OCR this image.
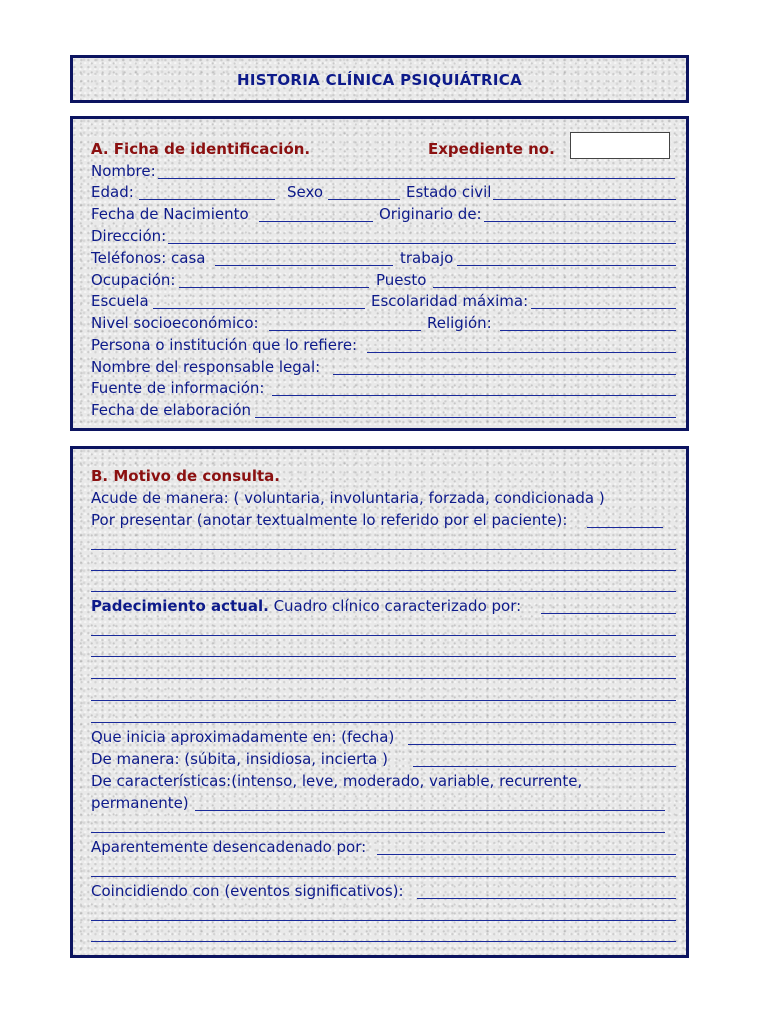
HISTORIA CLÍNICA PSIQUIÁTRICA
A. Ficha de identificación.	Expediente no.
Nombre:
Edad:	Sexo	Estado civil
Fecha de Nacimiento	Originario de:
Dirección:
Teléfonos: casa	trabajo
Ocupación:	Puesto
Escuela	Escolaridad máxima:
Nivel socioeconómico:	Religión:
Persona o institución que lo refiere:
Nombre del responsable legal:
Fuente de información:
Fecha de elaboración
B. Motivo de consulta.
Acude de manera: ( voluntaria, involuntaria, forzada, condicionada )
Por presentar (anotar textualmente lo referido por el paciente):
Padecimiento actual. Cuadro clínico caracterizado por:
Que inicia aproximadamente en: (fecha)
De manera: (súbita, insidiosa, incierta )
De características:(intenso, leve, moderado, variable, recurrente,
permanente)
Aparentemente desencadenado por:
Coincidiendo con (eventos significativos):
